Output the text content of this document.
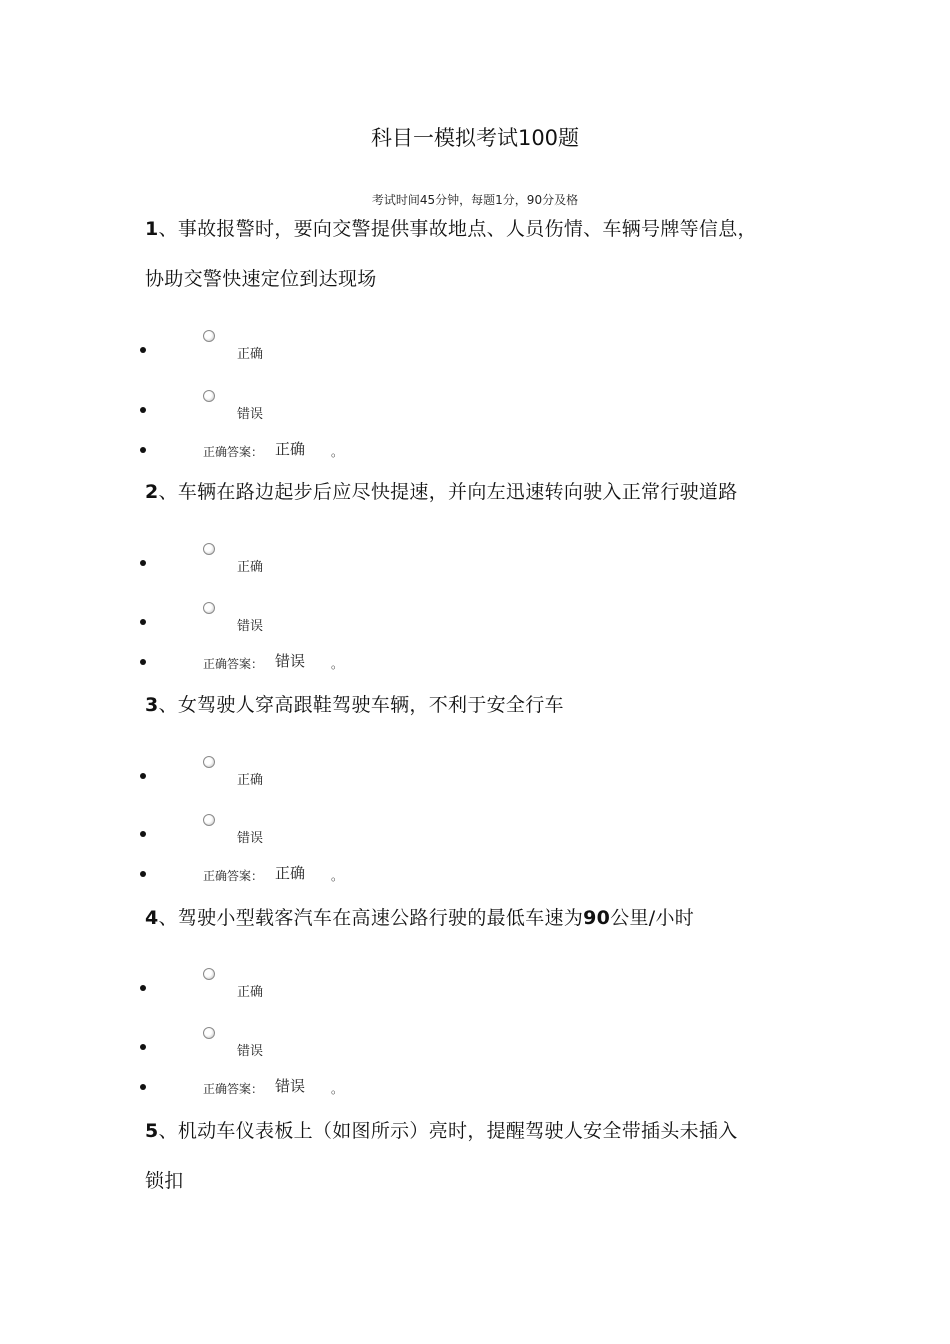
科目一模拟考试100题
考试时间45分钟，每题1分，90分及格
1、事故报警时，要向交警提供事故地点、人员伤情、车辆号牌等信息，
协助交警快速定位到达现场
正确
错误
正确答案： 正确 。
2、车辆在路边起步后应尽快提速，并向左迅速转向驶入正常行驶道路
正确
错误
正确答案： 错误 。
3、女驾驶人穿高跟鞋驾驶车辆，不利于安全行车
正确
错误
正确答案： 正确 。
4、驾驶小型载客汽车在高速公路行驶的最低车速为90公里/小时
正确
错误
正确答案： 错误 。
5、机动车仪表板上（如图所示）亮时，提醒驾驶人安全带插头未插入
锁扣
